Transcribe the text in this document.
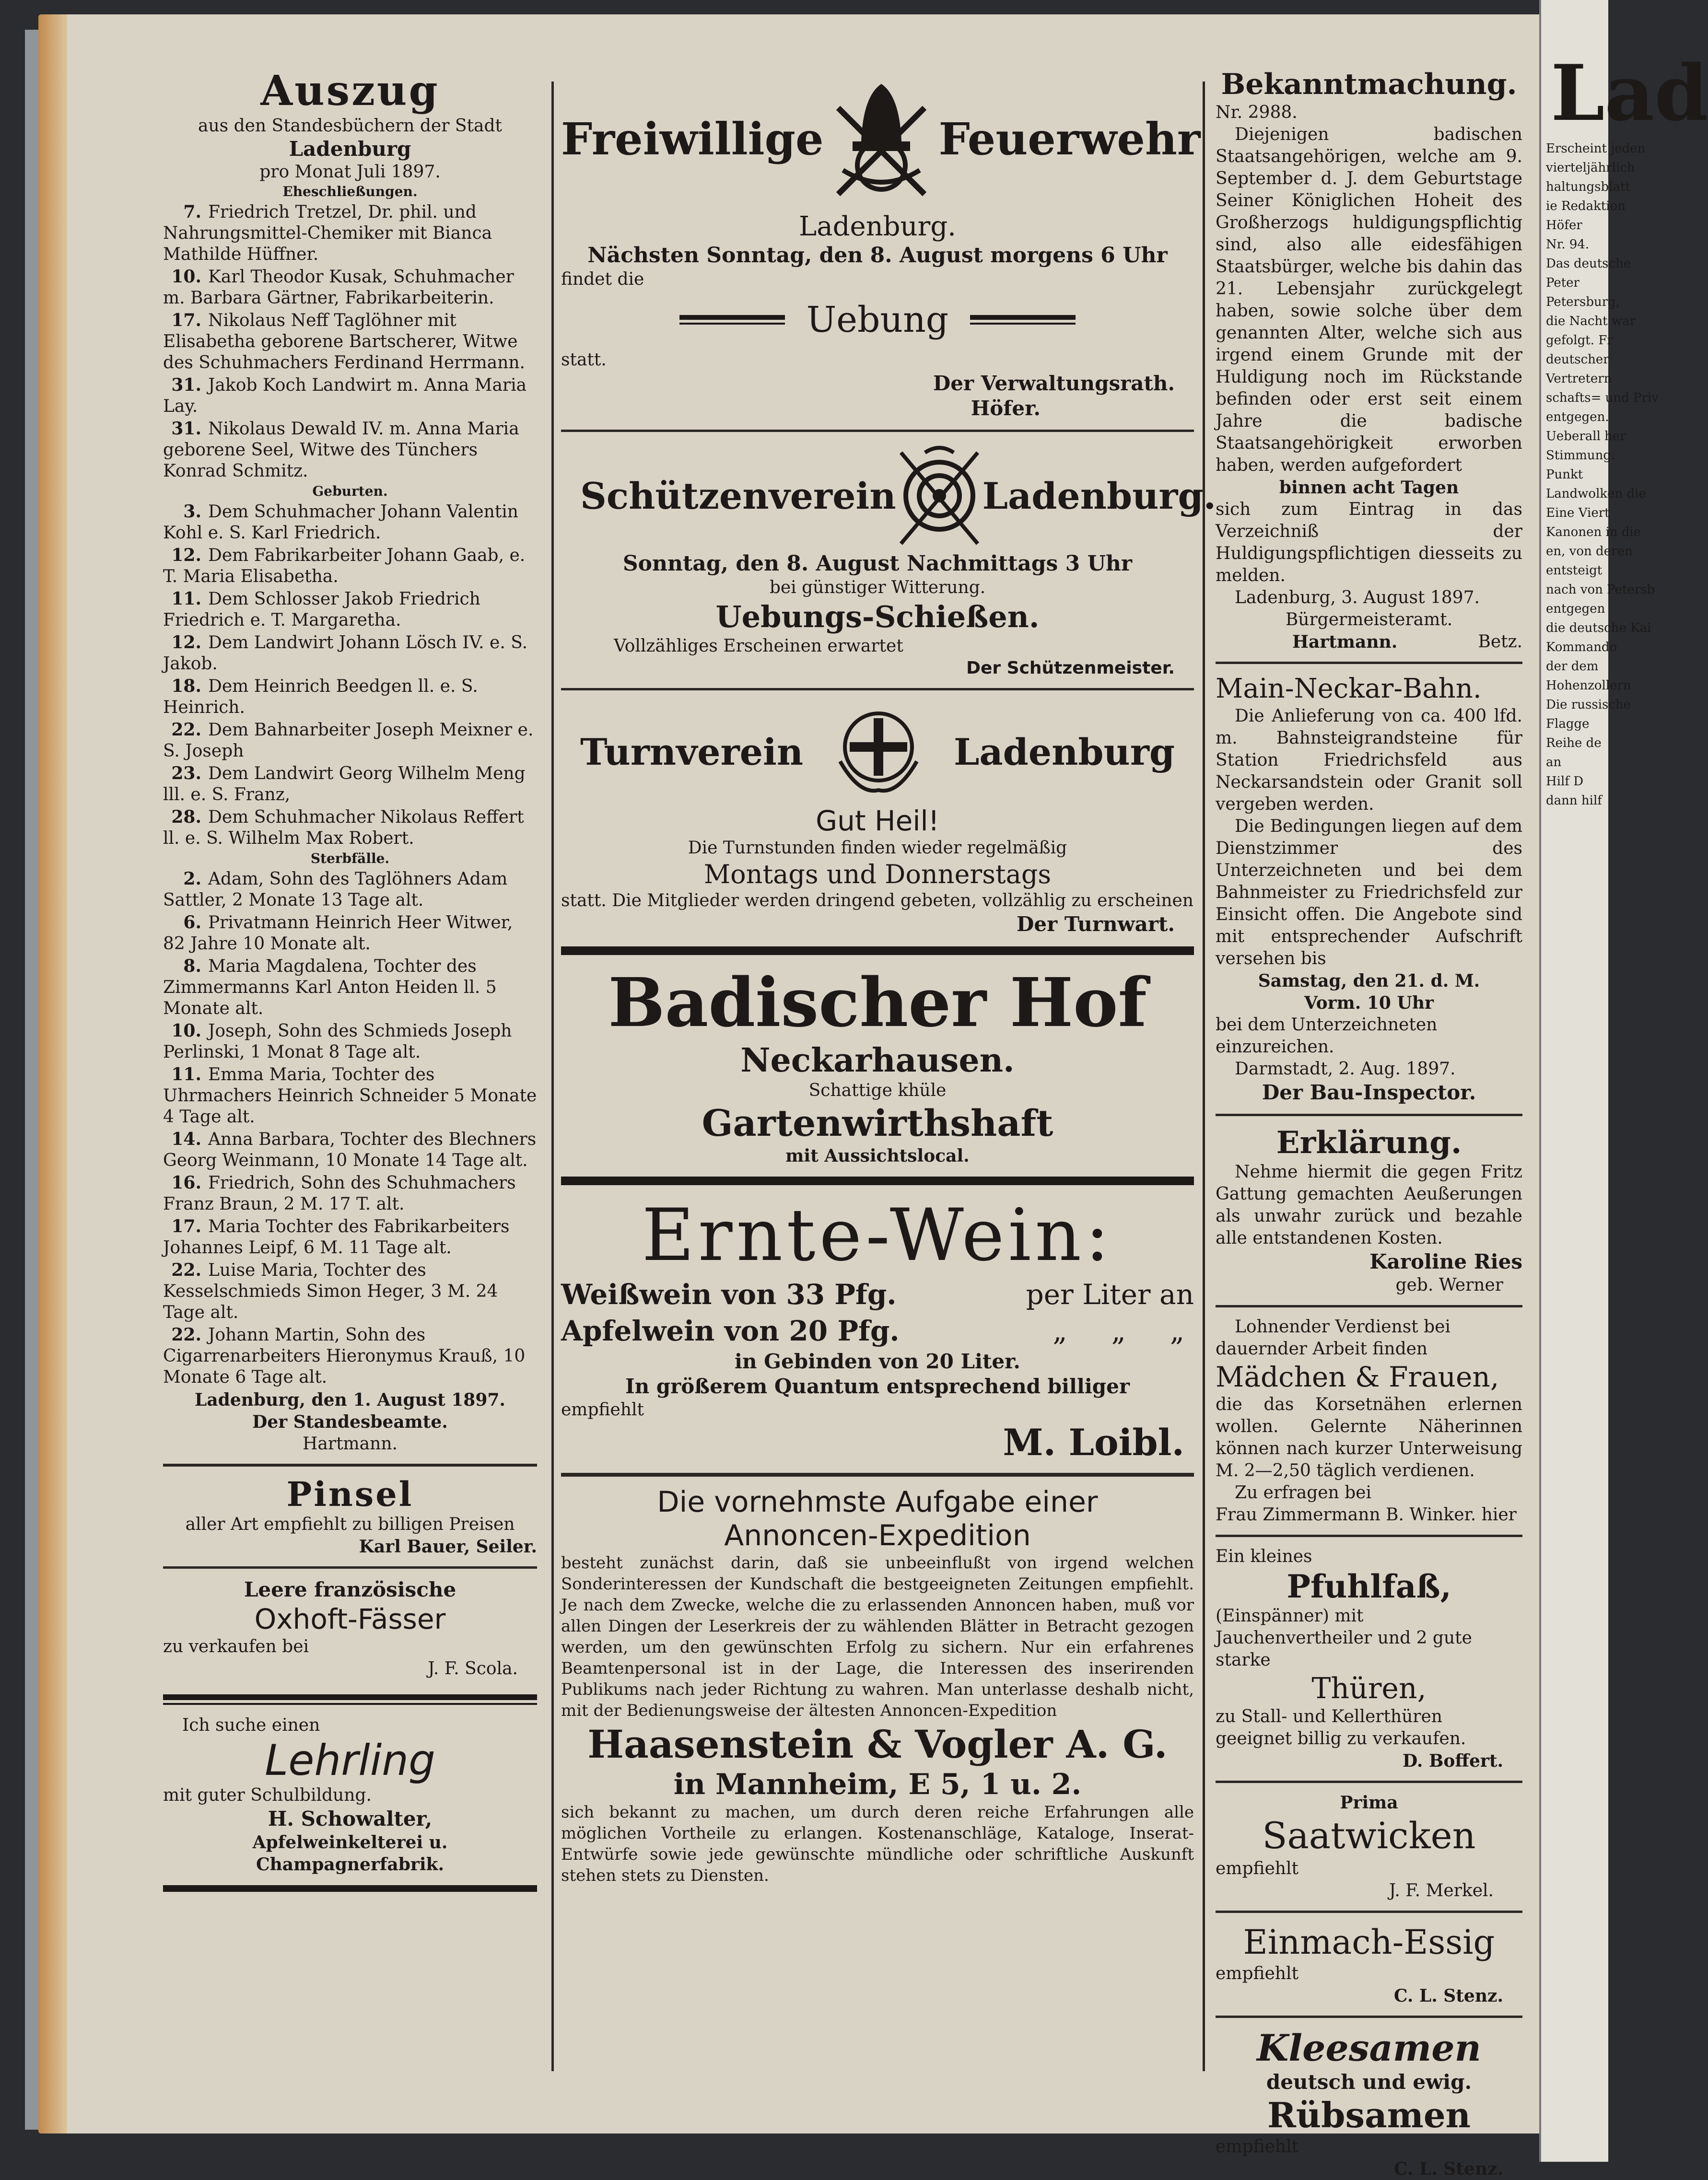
Lad
Erscheint jeden
vierteljährlich
haltungsblatt
ie Redaktion
Höfer
Nr. 94.
Das deutsche
Peter
Petersburg,
die Nacht war
gefolgt. Fr
deutscher
Vertretern
schafts= und Priv
entgegen.
Ueberall her
Stimmung.
Punkt
Landwolken die
Eine Viert
Kanonen in die
en, von deren
entsteigt
nach von Petersb
entgegen
die deutsche Kai
Kommando
der dem
Hohenzollern
Die russische
Flagge
Reihe de
an
Hilf D
dann hilf
Auszug
aus den Standesbüchern der Stadt
Ladenburg
pro Monat Juli 1897.
Eheschließungen.
7. Friedrich Tretzel, Dr. phil. und Nahrungsmittel-Chemiker mit Bianca Mathilde Hüffner.
10. Karl Theodor Kusak, Schuhmacher m. Barbara Gärtner, Fabrikarbeiterin.
17. Nikolaus Neff Taglöhner mit Elisabetha geborene Bartscherer, Witwe des Schuhmachers Ferdinand Herrmann.
31. Jakob Koch Landwirt m. Anna Maria Lay.
31. Nikolaus Dewald IV. m. Anna Maria geborene Seel, Witwe des Tünchers Konrad Schmitz.
Geburten.
3. Dem Schuhmacher Johann Valentin Kohl e. S. Karl Friedrich.
12. Dem Fabrikarbeiter Johann Gaab, e. T. Maria Elisabetha.
11. Dem Schlosser Jakob Friedrich Friedrich e. T. Margaretha.
12. Dem Landwirt Johann Lösch IV. e. S. Jakob.
18. Dem Heinrich Beedgen ll. e. S. Heinrich.
22. Dem Bahnarbeiter Joseph Meixner e. S. Joseph
23. Dem Landwirt Georg Wilhelm Meng lll. e. S. Franz,
28. Dem Schuhmacher Nikolaus Reffert ll. e. S. Wilhelm Max Robert.
Sterbfälle.
2. Adam, Sohn des Taglöhners Adam Sattler, 2 Monate 13 Tage alt.
6. Privatmann Heinrich Heer Witwer, 82 Jahre 10 Monate alt.
8. Maria Magdalena, Tochter des Zimmermanns Karl Anton Heiden ll. 5 Monate alt.
10. Joseph, Sohn des Schmieds Joseph Perlinski, 1 Monat 8 Tage alt.
11. Emma Maria, Tochter des Uhrmachers Heinrich Schneider 5 Monate 4 Tage alt.
14. Anna Barbara, Tochter des Blechners Georg Weinmann, 10 Monate 14 Tage alt.
16. Friedrich, Sohn des Schuhmachers Franz Braun, 2 M. 17 T. alt.
17. Maria Tochter des Fabrikarbeiters Johannes Leipf, 6 M. 11 Tage alt.
22. Luise Maria, Tochter des Kesselschmieds Simon Heger, 3 M. 24 Tage alt.
22. Johann Martin, Sohn des Cigarrenarbeiters Hieronymus Krauß, 10 Monate 6 Tage alt.
Ladenburg, den 1. August 1897.
Der Standesbeamte.
Hartmann.
Pinsel
aller Art empfiehlt zu billigen Preisen
Karl Bauer, Seiler.
Leere französische
Oxhoft-Fässer
zu verkaufen bei
J. F. Scola.
Ich suche einen
Lehrling
mit guter Schulbildung.
H. Schowalter,
Apfelweinkelterei u. Champagnerfabrik.
Freiwillige	Feuerwehr
Ladenburg.
Nächsten Sonntag, den 8. August morgens 6 Uhr
findet die
Uebung
statt.
Der Verwaltungsrath.
Höfer.
Schützenverein Ladenburg.
Sonntag, den 8. August Nachmittags 3 Uhr
bei günstiger Witterung.
Uebungs-Schießen.
Vollzähliges Erscheinen erwartet
Der Schützenmeister.
Turnverein	Ladenburg
Gut Heil!
Die Turnstunden finden wieder regelmäßig
Montags und Donnerstags
statt. Die Mitglieder werden dringend gebeten, vollzählig zu erscheinen
Der Turnwart.
Badischer Hof
Neckarhausen.
Schattige khüle
Gartenwirthshaft
mit Aussichtslocal.
Ernte-Wein:
Weißwein von 33 Pfg.	per Liter an
Apfelwein von 20 Pfg.	„     „     „
in Gebinden von 20 Liter.
In größerem Quantum entsprechend billiger
empfiehlt
M. Loibl.
Die vornehmste Aufgabe einer
Annoncen-Expedition
besteht zunächst darin, daß sie unbeeinflußt von irgend welchen Sonderinteressen der Kundschaft die bestgeeigneten Zeitungen empfiehlt. Je nach dem Zwecke, welche die zu erlassenden Annoncen haben, muß vor allen Dingen der Leserkreis der zu wählenden Blätter in Betracht gezogen werden, um den gewünschten Erfolg zu sichern. Nur ein erfahrenes Beamtenpersonal ist in der Lage, die Interessen des inserirenden Publikums nach jeder Richtung zu wahren. Man unterlasse deshalb nicht, mit der Bedienungsweise der ältesten Annoncen-Expedition
Haasenstein & Vogler A. G.
in Mannheim, E 5, 1 u. 2.
sich bekannt zu machen, um durch deren reiche Erfahrungen alle möglichen Vortheile zu erlangen. Kostenanschläge, Kataloge, Inserat-Entwürfe sowie jede gewünschte mündliche oder schriftliche Auskunft stehen stets zu Diensten.
Bekanntmachung.
Nr. 2988.
Diejenigen badischen Staatsangehörigen, welche am 9. September d. J. dem Geburtstage Seiner Königlichen Hoheit des Großherzogs huldigungspflichtig sind, also alle eidesfähigen Staatsbürger, welche bis dahin das 21. Lebensjahr zurückgelegt haben, sowie solche über dem genannten Alter, welche sich aus irgend einem Grunde mit der Huldigung noch im Rückstande befinden oder erst seit einem Jahre die badische Staatsangehörigkeit erworben haben, werden aufgefordert
binnen acht Tagen
sich zum Eintrag in das Verzeichniß der Huldigungspflichtigen diesseits zu melden.
Ladenburg, 3. August 1897.
Bürgermeisteramt.
Hartmann.	Betz.
Main-Neckar-Bahn.
Die Anlieferung von ca. 400 lfd. m. Bahnsteigrandsteine für Station Friedrichsfeld aus Neckarsandstein oder Granit soll vergeben werden.
Die Bedingungen liegen auf dem Dienstzimmer des Unterzeichneten und bei dem Bahnmeister zu Friedrichsfeld zur Einsicht offen. Die Angebote sind mit entsprechender Aufschrift versehen bis
Samstag, den 21. d. M.
Vorm. 10 Uhr
bei dem Unterzeichneten einzureichen.
Darmstadt, 2. Aug. 1897.
Der Bau-Inspector.
Erklärung.
Nehme hiermit die gegen Fritz Gattung gemachten Aeußerungen als unwahr zurück und bezahle alle entstandenen Kosten.
Karoline Ries
geb. Werner
Lohnender Verdienst bei dauernder Arbeit finden
Mädchen & Frauen,
die das Korsetnähen erlernen wollen. Gelernte Näherinnen können nach kurzer Unterweisung M. 2—2,50 täglich verdienen.
Zu erfragen bei
Frau Zimmermann B. Winker. hier
Ein kleines
Pfuhlfaß,
(Einspänner) mit Jauchenvertheiler und 2 gute starke
Thüren,
zu Stall- und Kellerthüren geeignet billig zu verkaufen.
D. Boffert.
Prima
Saatwicken
empfiehlt
J. F. Merkel.
Einmach-Essig
empfiehlt
C. L. Stenz.
Kleesamen
deutsch und ewig.
Rübsamen
empfiehlt
C. L. Stenz.
